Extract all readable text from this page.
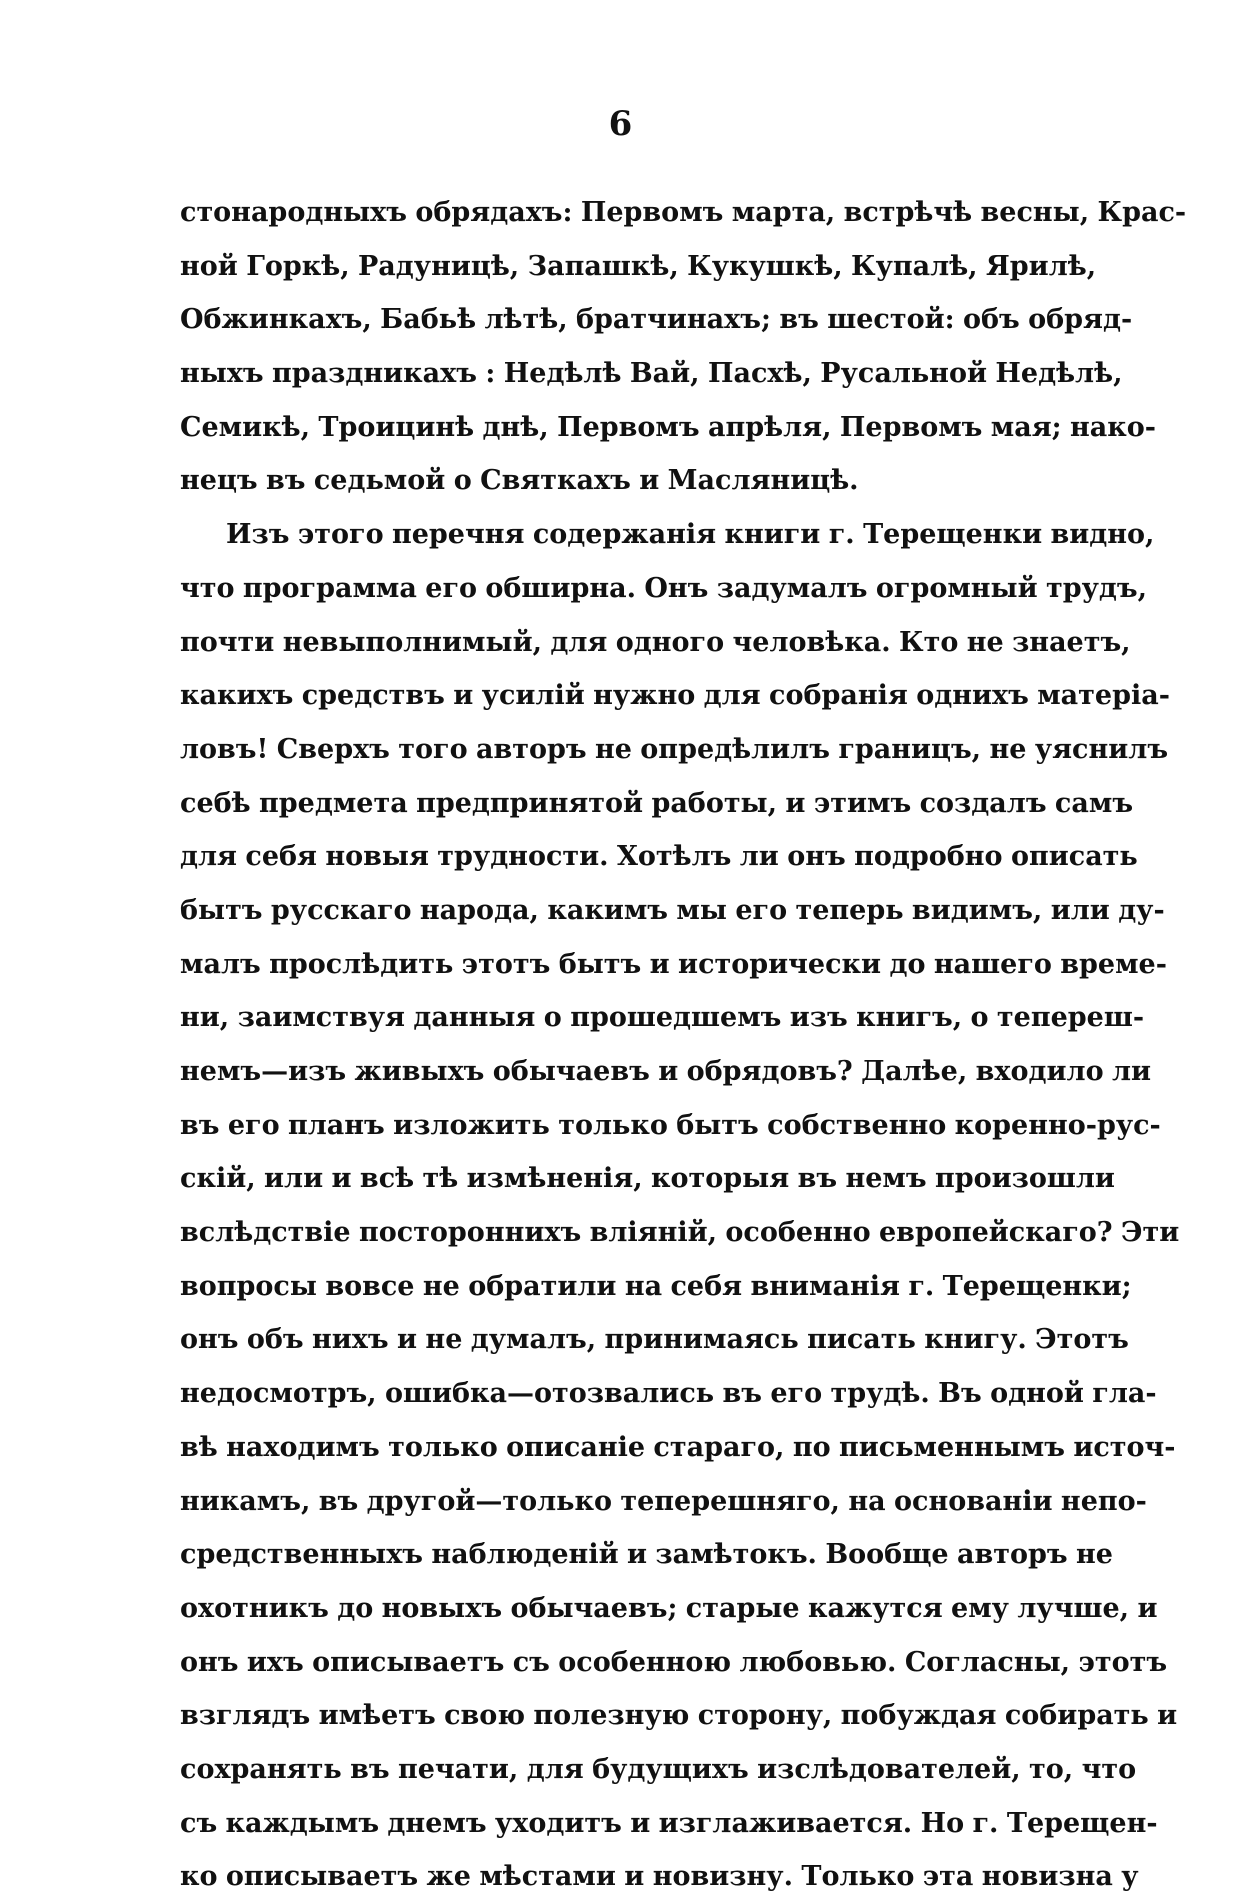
6
стонародныхъ обрядахъ: Первомъ марта, встрѣчѣ весны, Крас-
ной Горкѣ, Радуницѣ, Запашкѣ, Кукушкѣ, Купалѣ, Ярилѣ,
Обжинкахъ, Бабьѣ лѣтѣ, братчинахъ; въ шестой: объ обряд-
ныхъ праздникахъ : Недѣлѣ Вай, Пасхѣ, Русальной Недѣлѣ,
Семикѣ, Троицинѣ днѣ, Первомъ апрѣля, Первомъ мая; нако-
нецъ въ седьмой о Святкахъ и Масляницѣ.
Изъ этого перечня содержанія книги г. Терещенки видно,
что программа его обширна. Онъ задумалъ огромный трудъ,
почти невыполнимый, для одного человѣка. Кто не знаетъ,
какихъ средствъ и усилій нужно для собранія однихъ матеріа-
ловъ! Сверхъ того авторъ не опредѣлилъ границъ, не уяснилъ
себѣ предмета предпринятой работы, и этимъ создалъ самъ
для себя новыя трудности. Хотѣлъ ли онъ подробно описать
бытъ русскаго народа, какимъ мы его теперь видимъ, или ду-
малъ прослѣдить этотъ бытъ и исторически до нашего време-
ни, заимствуя данныя о прошедшемъ изъ книгъ, о теперeш-
немъ—изъ живыхъ обычаевъ и обрядовъ? Далѣе, входило ли
въ его планъ изложить только бытъ собственно коренно-рус-
скій, или и всѣ тѣ измѣненія, которыя въ немъ произошли
вслѣдствіе постороннихъ вліяній, особенно европейскаго? Эти
вопросы вовсе не обратили на себя вниманія г. Терещенки;
онъ объ нихъ и не думалъ, принимаясь писать книгу. Этотъ
недосмотръ, ошибка—отозвались въ его трудѣ. Въ одной гла-
вѣ находимъ только описаніе стараго, по письменнымъ источ-
никамъ, въ другой—только теперешняго, на основаніи непо-
средственныхъ наблюденій и замѣтокъ. Вообще авторъ не
охотникъ до новыхъ обычаевъ; старые кажутся ему лучше, и
онъ ихъ описываетъ съ особенною любовью. Согласны, этотъ
взглядъ имѣетъ свою полезную сторону, побуждая собирать и
сохранять въ печати, для будущихъ изслѣдователей, то, что
съ каждымъ днемъ уходитъ и изглаживается. Но г. Терещен-
ко описываетъ же мѣстами и новизну. Только эта новизна у
